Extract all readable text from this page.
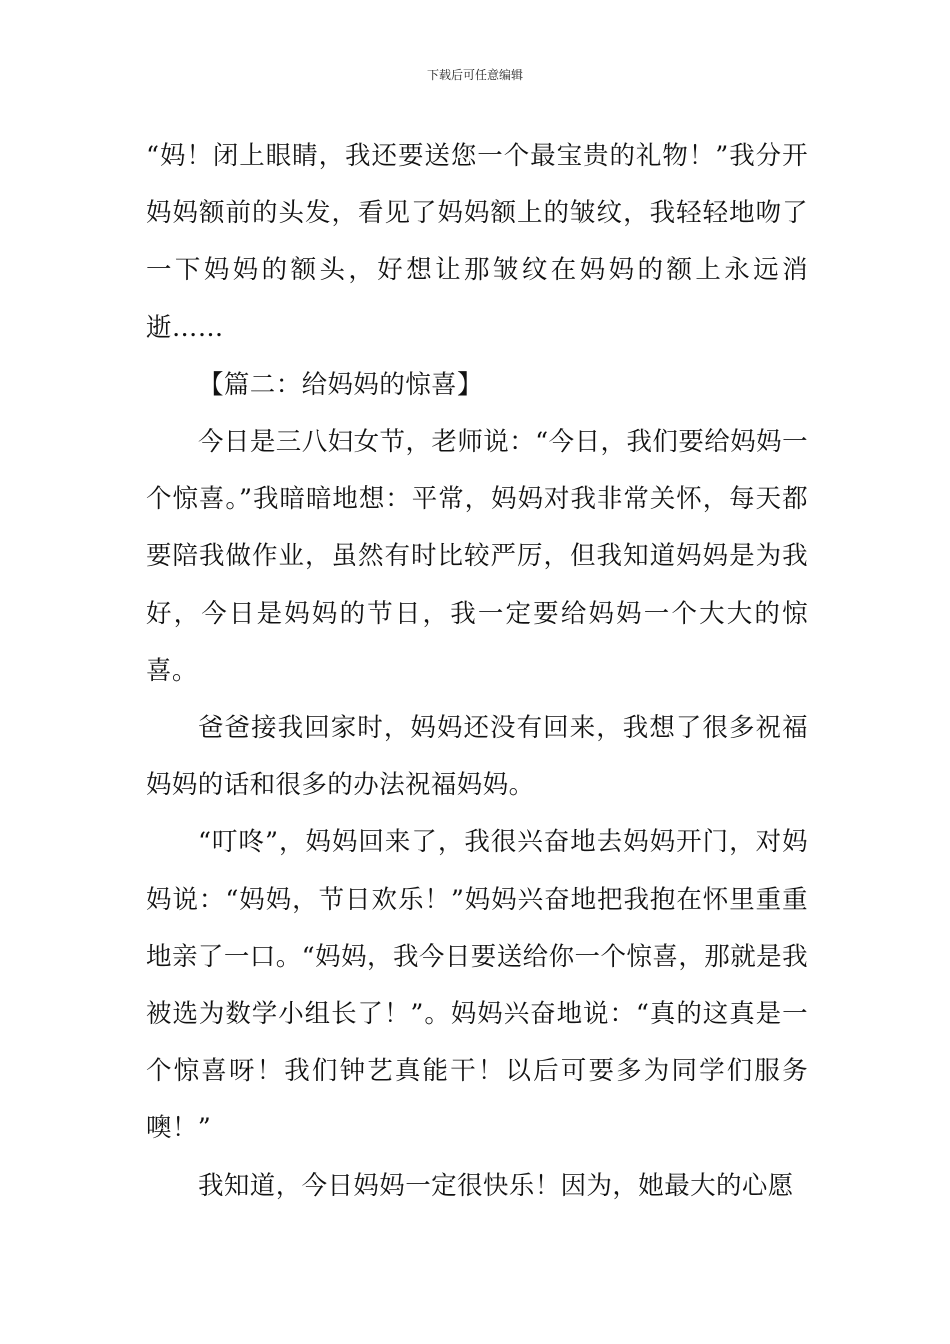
下载后可任意编辑

“妈！闭上眼睛，我还要送您一个最宝贵的礼物！”我分开妈妈额前的头发，看见了妈妈额上的皱纹，我轻轻地吻了一下妈妈的额头，好想让那皱纹在妈妈的额上永远消逝……

【篇二：给妈妈的惊喜】

今日是三八妇女节，老师说：“今日，我们要给妈妈一个惊喜。”我暗暗地想：平常，妈妈对我非常关怀，每天都要陪我做作业，虽然有时比较严厉，但我知道妈妈是为我好，今日是妈妈的节日，我一定要给妈妈一个大大的惊喜。

爸爸接我回家时，妈妈还没有回来，我想了很多祝福妈妈的话和很多的办法祝福妈妈。

“叮咚”，妈妈回来了，我很兴奋地去妈妈开门，对妈妈说：“妈妈，节日欢乐！”妈妈兴奋地把我抱在怀里重重地亲了一口。“妈妈，我今日要送给你一个惊喜，那就是我被选为数学小组长了！”。妈妈兴奋地说：“真的这真是一个惊喜呀！我们钟艺真能干！以后可要多为同学们服务噢！”

我知道，今日妈妈一定很快乐！因为，她最大的心愿
